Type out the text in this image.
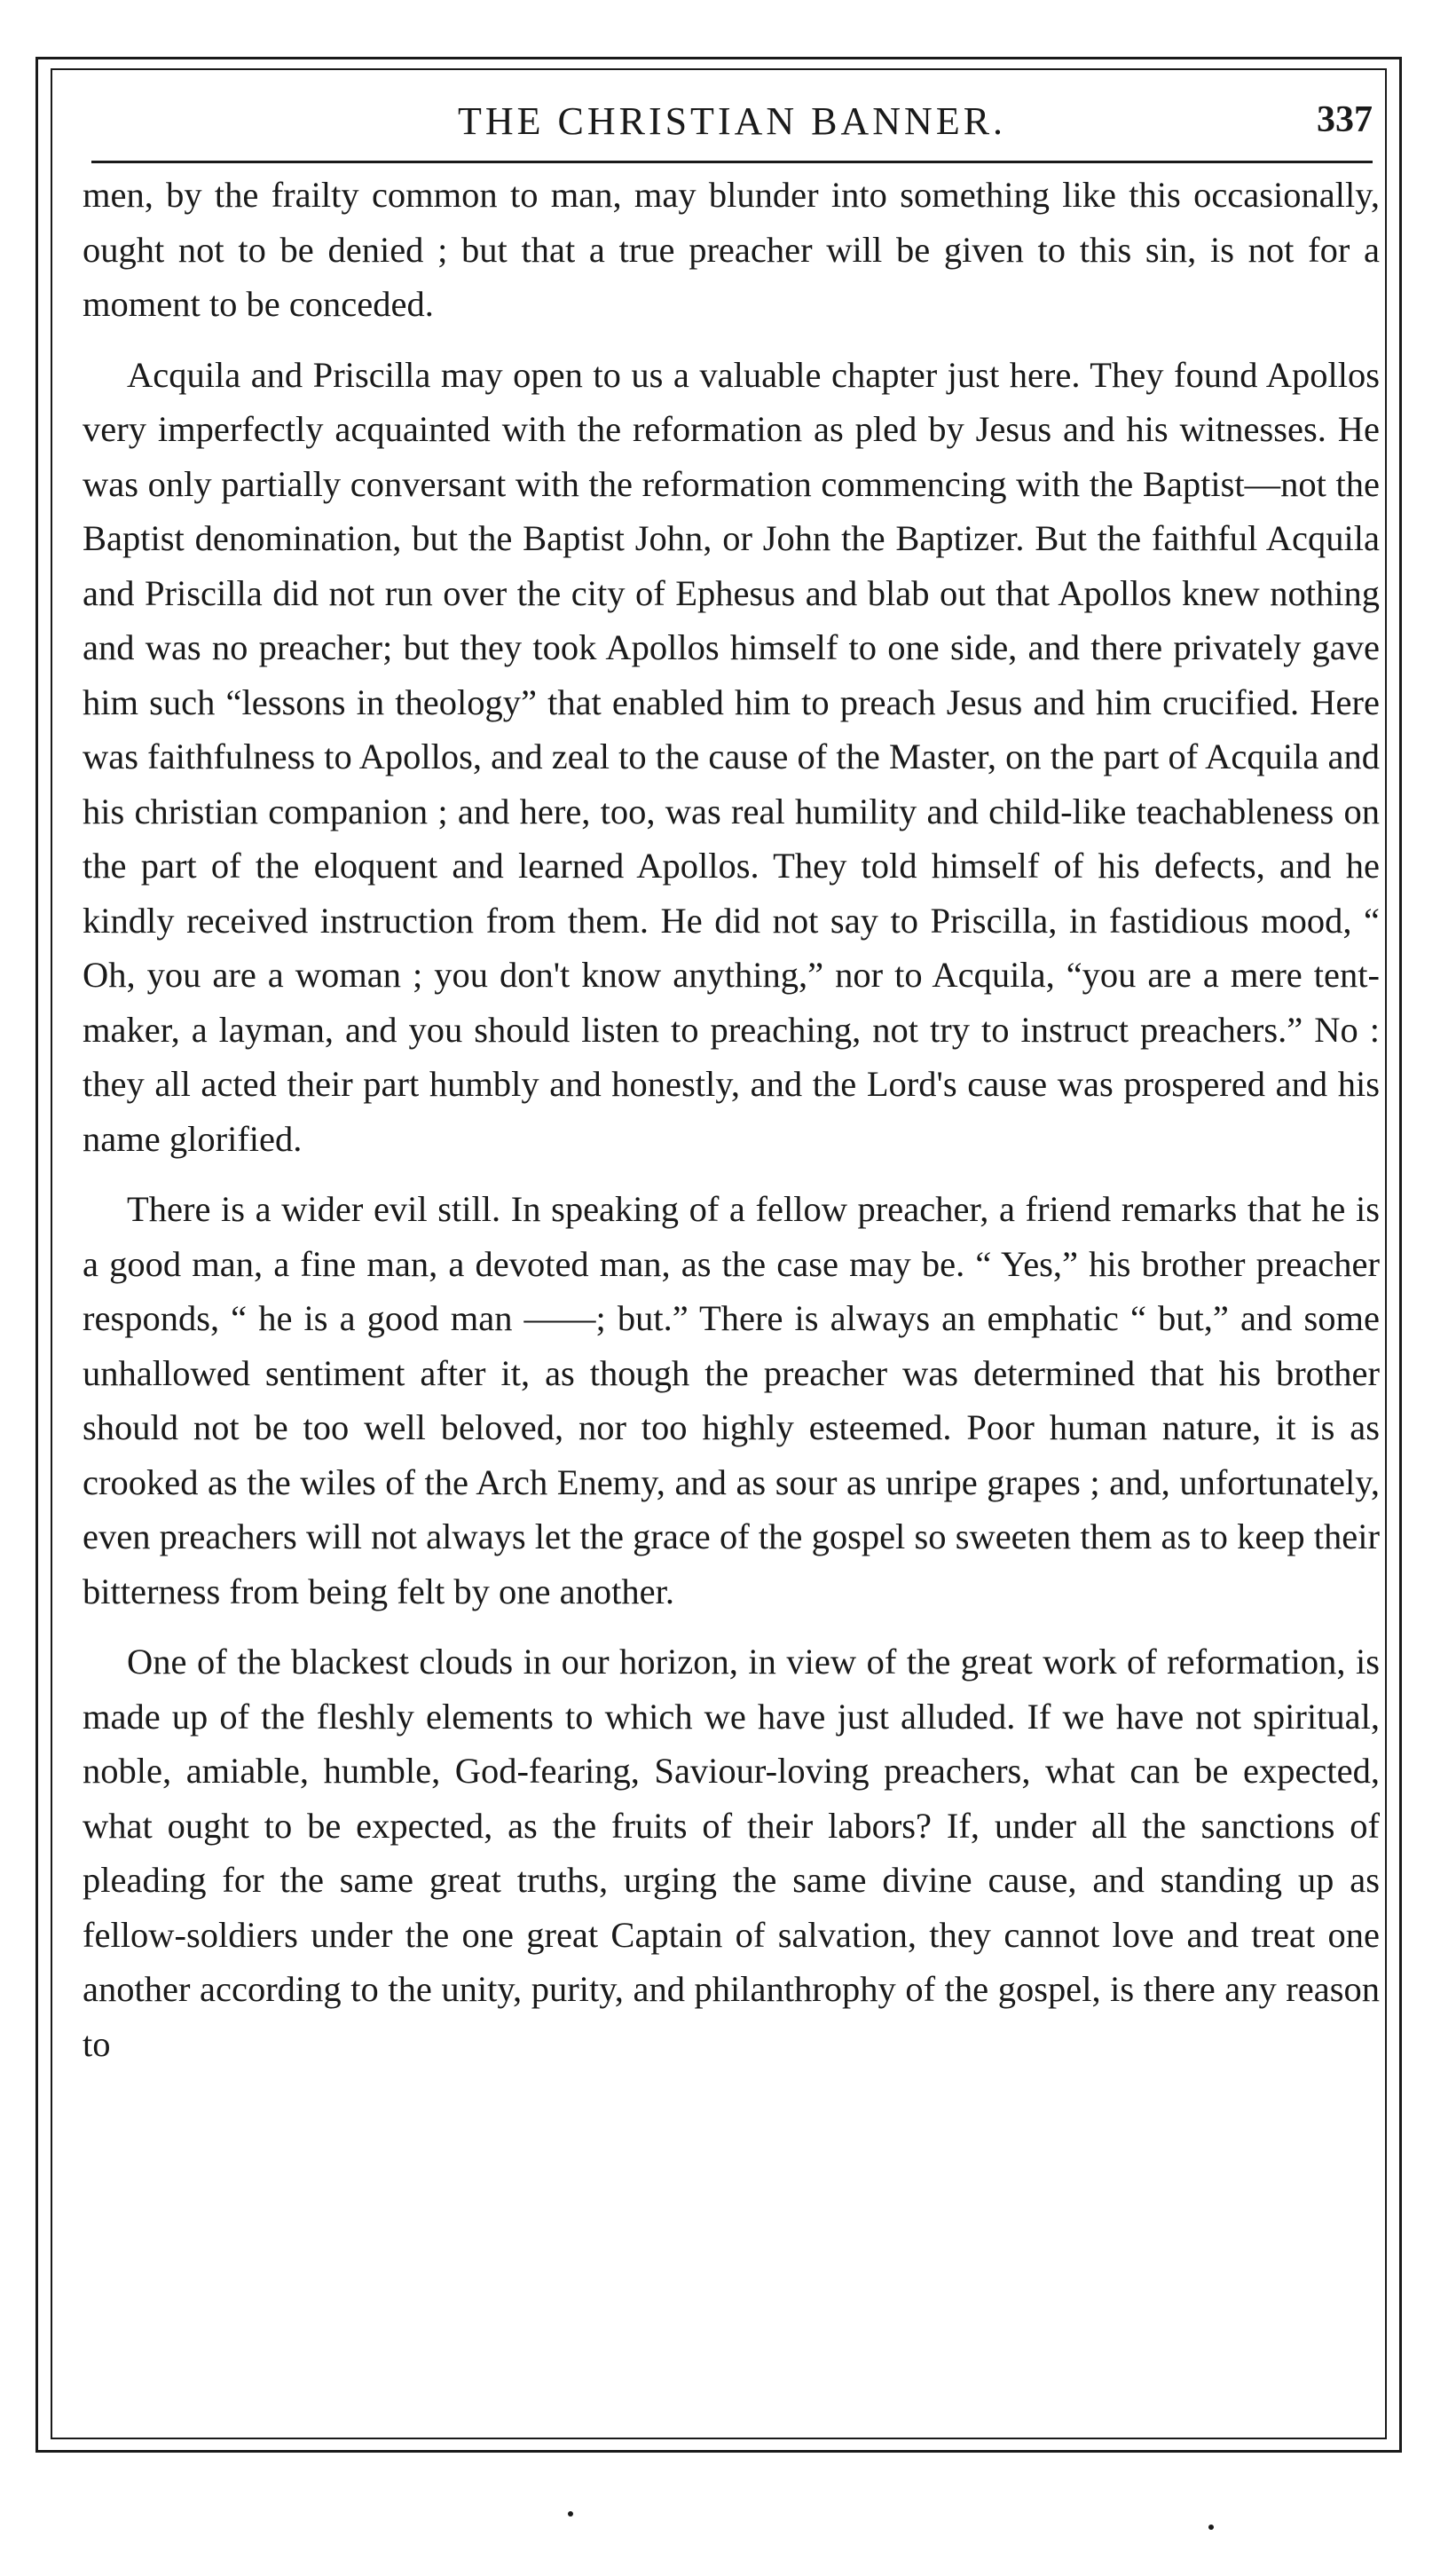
THE CHRISTIAN BANNER.	337

men, by the frailty common to man, may blunder into something like this occasionally, ought not to be denied ; but that a true preacher will be given to this sin, is not for a moment to be conceded.

Acquila and Priscilla may open to us a valuable chapter just here. They found Apollos very imperfectly acquainted with the reformation as pled by Jesus and his witnesses. He was only partially conversant with the reformation commencing with the Baptist—not the Baptist denomination, but the Baptist John, or John the Baptizer. But the faithful Acquila and Priscilla did not run over the city of Ephesus and blab out that Apollos knew nothing and was no preacher; but they took Apollos himself to one side, and there privately gave him such “lessons in theology” that enabled him to preach Jesus and him crucified. Here was faithfulness to Apollos, and zeal to the cause of the Master, on the part of Acquila and his christian companion ; and here, too, was real humility and child-like teachableness on the part of the eloquent and learned Apollos. They told himself of his defects, and he kindly received instruction from them. He did not say to Priscilla, in fastidious mood, “ Oh, you are a woman ; you don't know anything,” nor to Acquila, “you are a mere tent-maker, a layman, and you should listen to preaching, not try to instruct preachers.” No : they all acted their part humbly and honestly, and the Lord's cause was prospered and his name glorified.

There is a wider evil still. In speaking of a fellow preacher, a friend remarks that he is a good man, a fine man, a devoted man, as the case may be. “ Yes,” his brother preacher responds, “ he is a good man ——; but.” There is always an emphatic “ but,” and some unhallowed sentiment after it, as though the preacher was determined that his brother should not be too well beloved, nor too highly esteemed. Poor human nature, it is as crooked as the wiles of the Arch Enemy, and as sour as unripe grapes ; and, unfortunately, even preachers will not always let the grace of the gospel so sweeten them as to keep their bitterness from being felt by one another.

One of the blackest clouds in our horizon, in view of the great work of reformation, is made up of the fleshly elements to which we have just alluded. If we have not spiritual, noble, amiable, humble, God-fearing, Saviour-loving preachers, what can be expected, what ought to be expected, as the fruits of their labors? If, under all the sanctions of pleading for the same great truths, urging the same divine cause, and standing up as fellow-soldiers under the one great Captain of salvation, they cannot love and treat one another according to the unity, purity, and philanthrophy of the gospel, is there any reason to
